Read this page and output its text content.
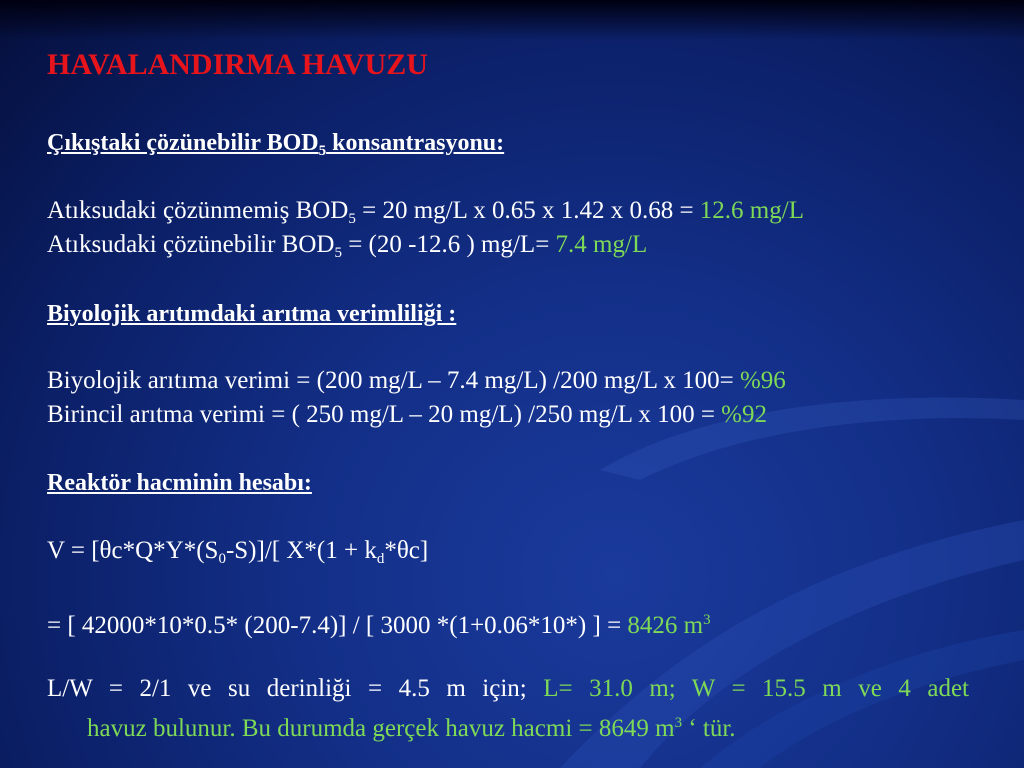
HAVALANDIRMA HAVUZU
Çıkıştaki çözünebilir $BOD_5$ konsantrasyonu:
Atıksudaki çözünmemiş $BOD_5 = 20$ mg/L x 0.65 x 1.42 x 0.68 = 12.6 mg/L
Atıksudaki çözünebilir $BOD_5 = (20$ -12.6 ) mg/L= 7.4 mg/L
Biyolojik arıtımdaki arıtma verimliliği :
Biyolojik arıtıma verimi = (200 mg/L – 7.4 mg/L) /200 mg/L x 100= %96
Birincil arıtma verimi = ( 250 mg/L – 20 mg/L) /250 mg/L x 100 = %92
Reaktör hacminin hesabı:
$V = [\theta c*Q*Y*(S_0-S)]/$[ $X*(1 + k_d*\theta c]$
= [ 42000*10*0.5* (200-7.4)] / [ 3000 *(1+0.06*10*) ] = 8426 $m^3$
L/W = 2/1 ve su derinliği = 4.5 m için; L= 31.0 m; W = 15.5 m ve 4 adet
havuz bulunur. Bu durumda gerçek havuz hacmi = 8649 $m^3$ ‘ tür.
